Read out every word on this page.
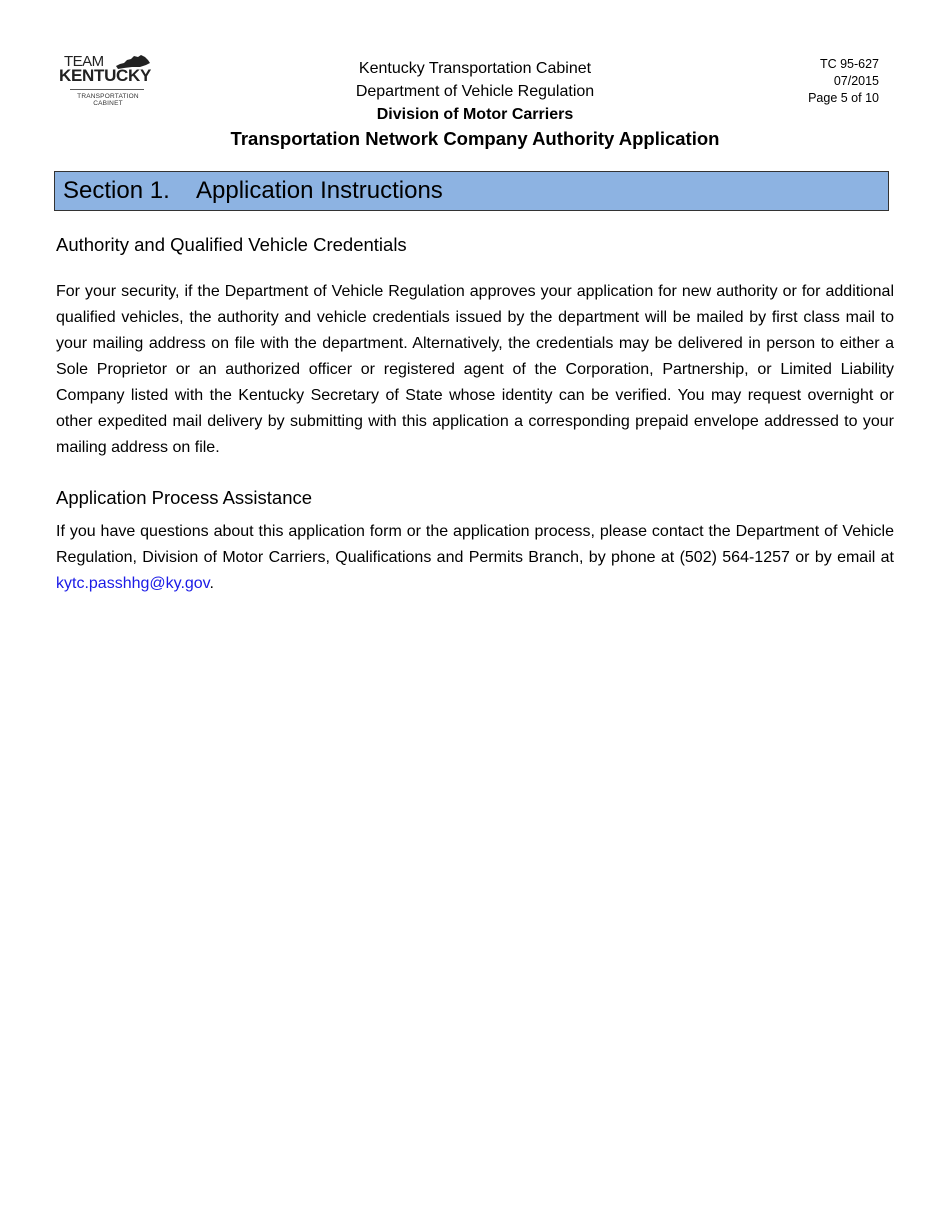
TEAM
KENTUCKY
TRANSPORTATION
CABINET
Kentucky Transportation Cabinet
Department of Vehicle Regulation
Division of Motor Carriers
Transportation Network Company Authority Application
TC 95-627
07/2015
Page 5 of 10
Section 1. Application Instructions
Authority and Qualified Vehicle Credentials
For your security, if the Department of Vehicle Regulation approves your application for new authority or for additional qualified vehicles, the authority and vehicle credentials issued by the department will be mailed by first class mail to your mailing address on file with the department. Alternatively, the credentials may be delivered in person to either a Sole Proprietor or an authorized officer or registered agent of the Corporation, Partnership, or Limited Liability Company listed with the Kentucky Secretary of State whose identity can be verified. You may request overnight or other expedited mail delivery by submitting with this application a corresponding prepaid envelope addressed to your mailing address on file.
Application Process Assistance
If you have questions about this application form or the application process, please contact the Department of Vehicle Regulation, Division of Motor Carriers, Qualifications and Permits Branch, by phone at (502) 564-1257 or by email at kytc.passhhg@ky.gov.
